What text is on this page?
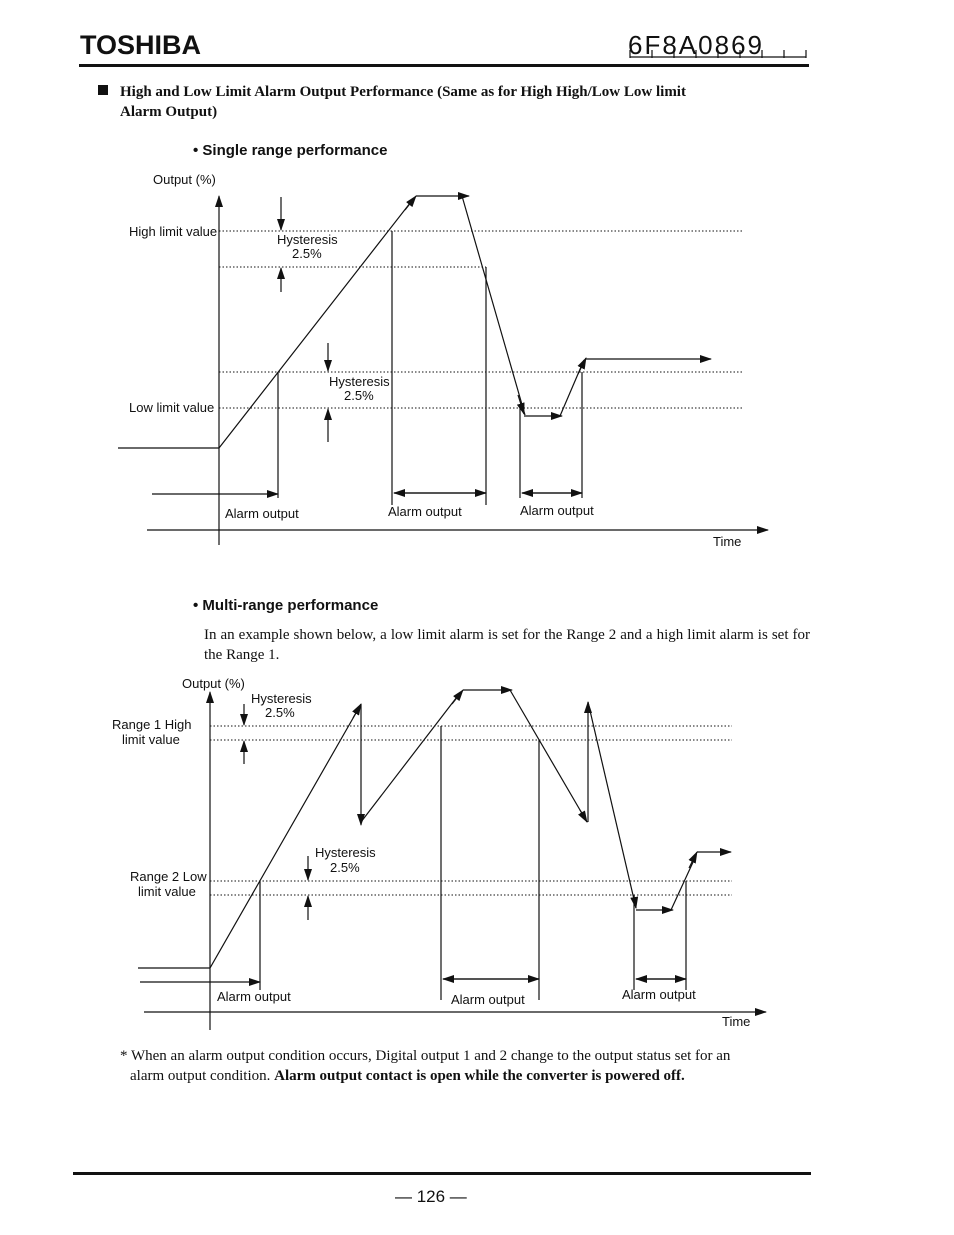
TOSHIBA	6F8A0869
High and Low Limit Alarm Output Performance (Same as for High High/Low Low limit
Alarm Output)
• Single range performance
Output (%)
High limit value
Low limit value
Hysteresis
2.5%
Hysteresis
2.5%
Alarm output	Alarm output	Alarm output
Time
• Multi-range performance
In an example shown below, a low limit alarm is set for the Range 2 and a high limit alarm is set for the Range 1.
Output (%)
Range 1 High
limit value
Range 2 Low
limit value
Hysteresis
2.5%
Hysteresis
2.5%
Alarm output	Alarm output	Alarm output
Time
* When an alarm output condition occurs, Digital output 1 and 2 change to the output status set for an
alarm output condition. Alarm output contact is open while the converter is powered off.
— 126 —
